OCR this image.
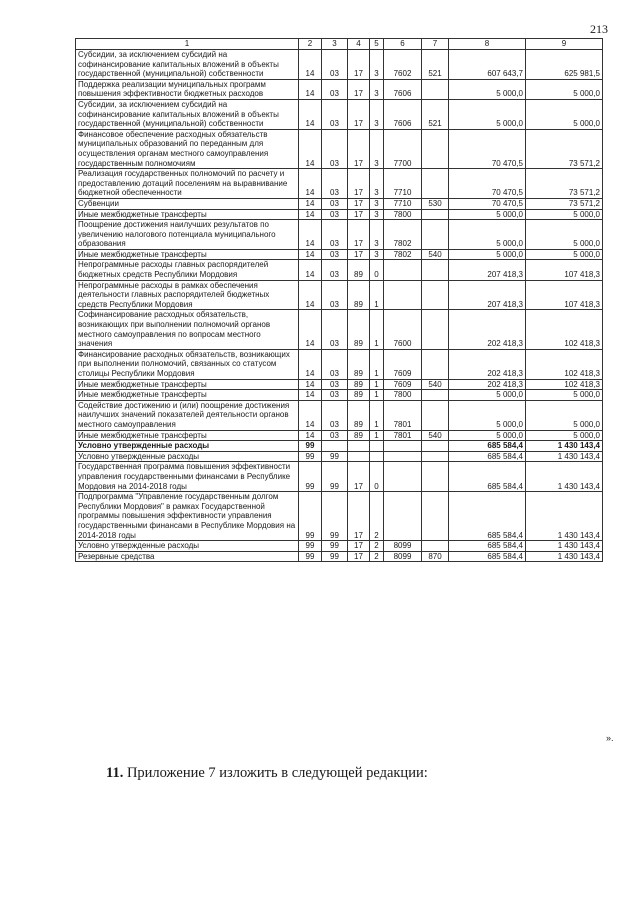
213
1	2	3	4	5	6	7	8	9
Субсидии, за исключением субсидий на софинансирование капитальных вложений в объекты государственной (муниципальной) собственности	14	03	17	3	7602	521	607 643,7	625 981,5
Поддержка реализации муниципальных программ повышения эффективности бюджетных расходов	14	03	17	3	7606		5 000,0	5 000,0
Субсидии, за исключением субсидий на софинансирование капитальных вложений в объекты государственной (муниципальной) собственности	14	03	17	3	7606	521	5 000,0	5 000,0
Финансовое обеспечение расходных обязательств муниципальных образований по переданным для осуществления органам местного самоуправления государственным полномочиям	14	03	17	3	7700		70 470,5	73 571,2
Реализация государственных полномочий по расчету и предоставлению дотаций поселениям на выравнивание бюджетной обеспеченности	14	03	17	3	7710		70 470,5	73 571,2
Субвенции	14	03	17	3	7710	530	70 470,5	73 571,2
Иные межбюджетные трансферты	14	03	17	3	7800		5 000,0	5 000,0
Поощрение достижения наилучших результатов по увеличению налогового потенциала муниципального образования	14	03	17	3	7802		5 000,0	5 000,0
Иные межбюджетные трансферты	14	03	17	3	7802	540	5 000,0	5 000,0
Непрограммные расходы главных распорядителей бюджетных средств Республики Мордовия	14	03	89	0			207 418,3	107 418,3
Непрограммные расходы в рамках обеспечения деятельности главных распорядителей бюджетных средств Республики Мордовия	14	03	89	1			207 418,3	107 418,3
Софинансирование расходных обязательств, возникающих при выполнении полномочий органов местного самоуправления по вопросам местного значения	14	03	89	1	7600		202 418,3	102 418,3
Финансирование расходных обязательств, возникающих при выполнении полномочий, связанных со статусом столицы Республики Мордовия	14	03	89	1	7609		202 418,3	102 418,3
Иные межбюджетные трансферты	14	03	89	1	7609	540	202 418,3	102 418,3
Иные межбюджетные трансферты	14	03	89	1	7800		5 000,0	5 000,0
Содействие достижению и (или) поощрение достижения наилучших значений показателей деятельности органов местного самоуправления	14	03	89	1	7801		5 000,0	5 000,0
Иные межбюджетные трансферты	14	03	89	1	7801	540	5 000,0	5 000,0
Условно утвержденные расходы	99						685 584,4	1 430 143,4
Условно утвержденные расходы	99	99					685 584,4	1 430 143,4
Государственная программа повышения эффективности управления государственными финансами в Республике Мордовия на 2014-2018 годы	99	99	17	0			685 584,4	1 430 143,4
Подпрограмма "Управление государственным долгом Республики Мордовия" в рамках Государственной программы повышения эффективности управления государственными финансами в Республике Мордовия на 2014-2018 годы	99	99	17	2			685 584,4	1 430 143,4
Условно утвержденные расходы	99	99	17	2	8099		685 584,4	1 430 143,4
Резервные средства	99	99	17	2	8099	870	685 584,4	1 430 143,4
».
11. Приложение 7 изложить в следующей редакции:
